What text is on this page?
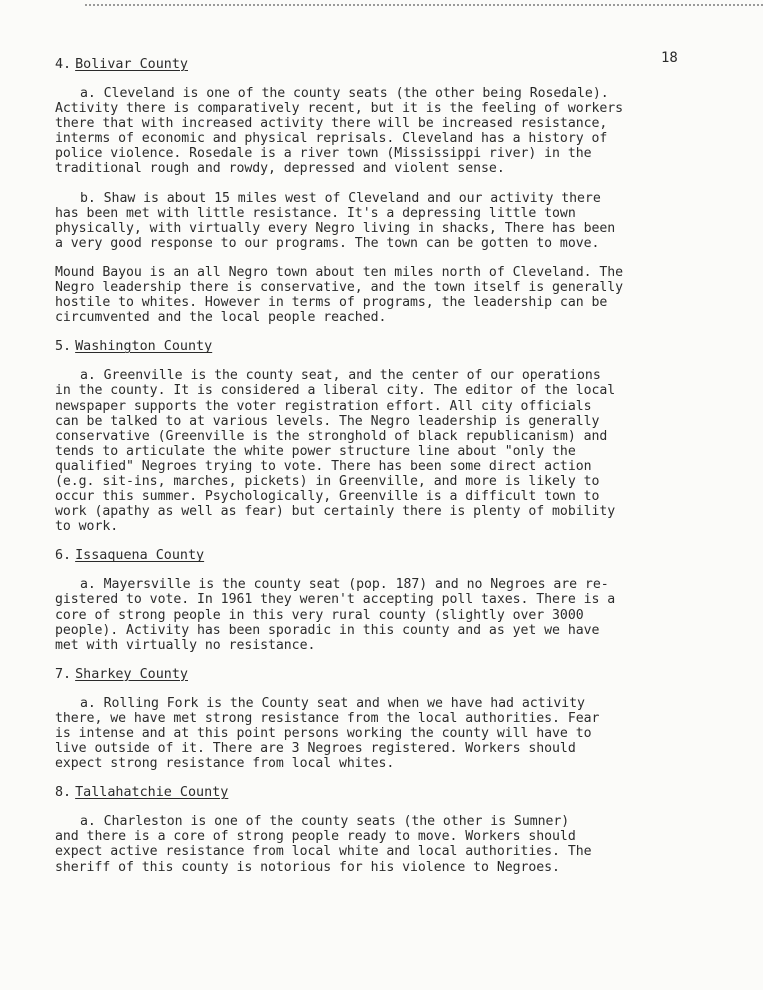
18
4. Bolivar County
a. Cleveland is one of the county seats (the other being Rosedale).
Activity there is comparatively recent, but it is the feeling of workers
there that with increased activity there will be increased resistance,
interms of economic and physical reprisals. Cleveland has a history of
police violence. Rosedale is a river town (Mississippi river) in the
traditional rough and rowdy, depressed and violent sense.
b. Shaw is about 15 miles west of Cleveland and our activity there
has been met with little resistance. It's a depressing little town
physically, with virtually every Negro living in shacks, There has been
a very good response to our programs. The town can be gotten to move.
Mound Bayou is an all Negro town about ten miles north of Cleveland. The
Negro leadership there is conservative, and the town itself is generally
hostile to whites. However in terms of programs, the leadership can be
circumvented and the local people reached.
5. Washington County
a. Greenville is the county seat, and the center of our operations
in the county. It is considered a liberal city. The editor of the local
newspaper supports the voter registration effort. All city officials
can be talked to at various levels. The Negro leadership is generally
conservative (Greenville is the stronghold of black republicanism) and
tends to articulate the white power structure line about "only the
qualified" Negroes trying to vote. There has been some direct action
(e.g. sit-ins, marches, pickets) in Greenville, and more is likely to
occur this summer. Psychologically, Greenville is a difficult town to
work (apathy as well as fear) but certainly there is plenty of mobility
to work.
6. Issaquena County
a. Mayersville is the county seat (pop. 187) and no Negroes are re-
gistered to vote. In 1961 they weren't accepting poll taxes. There is a
core of strong people in this very rural county (slightly over 3000
people). Activity has been sporadic in this county and as yet we have
met with virtually no resistance.
7. Sharkey County
a. Rolling Fork is the County seat and when we have had activity
there, we have met strong resistance from the local authorities. Fear
is intense and at this point persons working the county will have to
live outside of it. There are 3 Negroes registered. Workers should
expect strong resistance from local whites.
8. Tallahatchie County
a. Charleston is one of the county seats (the other is Sumner)
and there is a core of strong people ready to move. Workers should
expect active resistance from local white and local authorities. The
sheriff of this county is notorious for his violence to Negroes.
